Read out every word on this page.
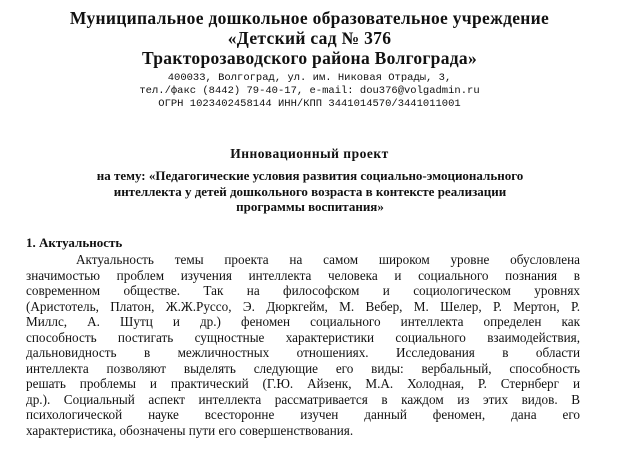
Муниципальное дошкольное образовательное учреждение
«Детский сад № 376
Тракторозаводского района Волгограда»
400033, Волгоград, ул. им. Никовая Отрады, 3,
тел./факс (8442) 79-40-17, e-mail: dou376@volgadmin.ru
ОГРН 1023402458144 ИНН/КПП 3441014570/3441011001
Инновационный проект
на тему: «Педагогические условия развития социально-эмоционального интеллекта у детей дошкольного возраста в контексте реализации программы воспитания»
1. Актуальность
Актуальность темы проекта на самом широком уровне обусловлена
значимостью проблем изучения интеллекта человека и социального познания в
современном обществе. Так на философском и социологическом уровнях
(Аристотель, Платон, Ж.Ж.Руссо, Э. Дюркгейм, М. Вебер, М. Шелер, Р. Мертон, Р.
Миллс, А. Шутц и др.) феномен социального интеллекта определен как
способность постигать сущностные характеристики социального взаимодействия,
дальновидность в межличностных отношениях. Исследования в области
интеллекта позволяют выделять следующие его виды: вербальный, способность
решать проблемы и практический (Г.Ю. Айзенк, М.А. Холодная, Р. Стернберг и
др.). Социальный аспект интеллекта рассматривается в каждом из этих видов. В
психологической науке всесторонне изучен данный феномен, дана его
характеристика, обозначены пути его совершенствования.
